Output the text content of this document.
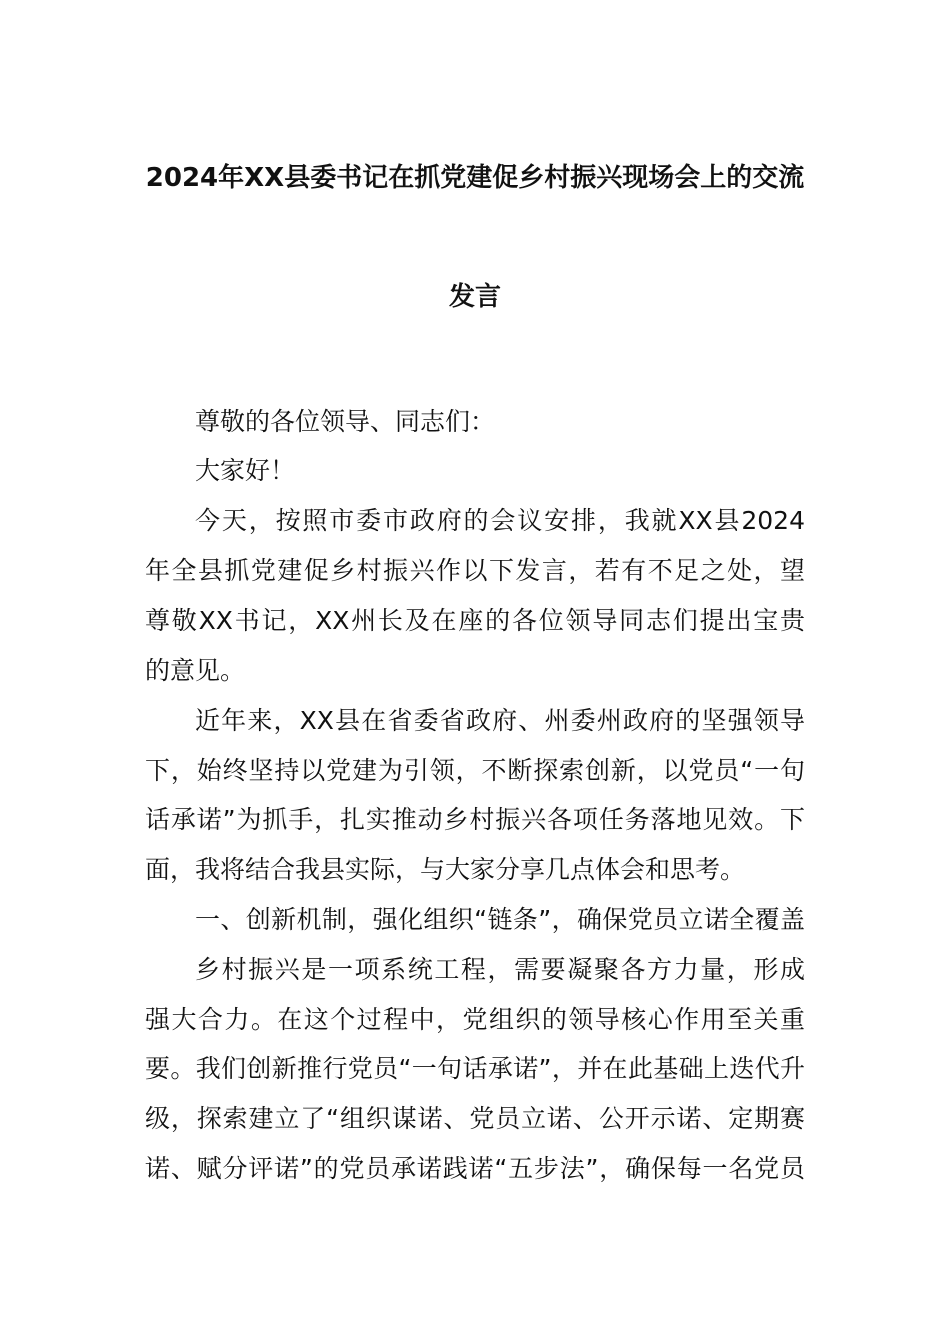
2024年XX县委书记在抓党建促乡村振兴现场会上的交流
发言

尊敬的各位领导、同志们：

大家好！

今天，按照市委市政府的会议安排，我就XX县2024

年全县抓党建促乡村振兴作以下发言，若有不足之处，望

尊敬XX书记，XX州长及在座的各位领导同志们提出宝贵

的意见。

近年来，XX县在省委省政府、州委州政府的坚强领导

下，始终坚持以党建为引领，不断探索创新，以党员“一句

话承诺”为抓手，扎实推动乡村振兴各项任务落地见效。下

面，我将结合我县实际，与大家分享几点体会和思考。

一、创新机制，强化组织“链条”，确保党员立诺全覆盖

乡村振兴是一项系统工程，需要凝聚各方力量，形成

强大合力。在这个过程中，党组织的领导核心作用至关重

要。我们创新推行党员“一句话承诺”，并在此基础上迭代升

级，探索建立了“组织谋诺、党员立诺、公开示诺、定期赛

诺、赋分评诺”的党员承诺践诺“五步法”，确保每一名党员
